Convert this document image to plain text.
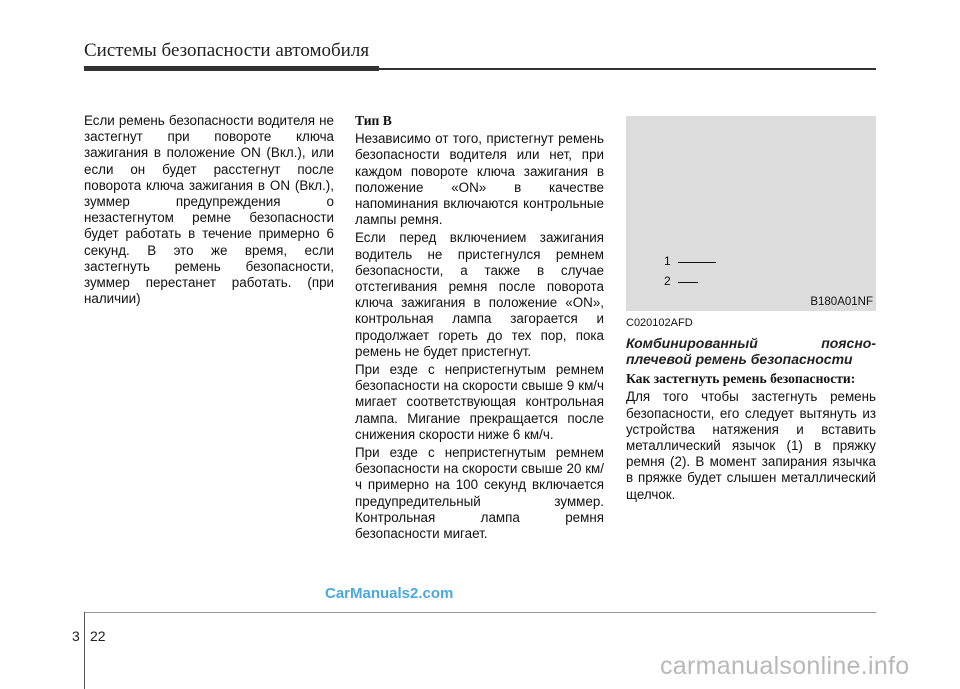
Системы безопасности автомобиля

Если ремень безопасности водителя не застегнут при повороте ключа зажигания в положение ON (Вкл.), или если он будет расстегнут после поворота ключа зажигания в ON (Вкл.), зуммер предупреждения о незастегнутом ремне безопасности будет работать в течение примерно 6 секунд. В это же время, если застегнуть ремень безопасности, зуммер перестанет работать. (при наличии)

Тип В

Независимо от того, пристегнут ремень безопасности водителя или нет, при каждом повороте ключа зажигания в положение «ON» в качестве напоминания включаются контрольные лампы ремня.

Если перед включением зажигания водитель не пристегнулся ремнем безопасности, а также в случае отстегивания ремня после поворота ключа зажигания в положение «ON», контрольная лампа загорается и продолжает гореть до тех пор, пока ремень не будет пристегнут.

При езде с непристегнутым ремнем безопасности на скорости свыше 9 км/ч мигает соответствующая контрольная лампа. Мигание прекращается после снижения скорости ниже 6 км/ч.

При езде с непристегнутым ремнем безопасности на скорости свыше 20 км/ч примерно на 100 секунд включается предупредительный зуммер. Контрольная лампа ремня безопасности мигает.

1
2
B180A01NF

C020102AFD

Комбинированный поясно-плечевой ремень безопасности

Как застегнуть ремень безопасности:

Для того чтобы застегнуть ремень безопасности, его следует вытянуть из устройства натяжения и вставить металлический язычок (1) в пряжку ремня (2). В момент запирания язычка в пряжке будет слышен металлический щелчок.

CarManuals2.com
3 22
carmanualsonline.info
